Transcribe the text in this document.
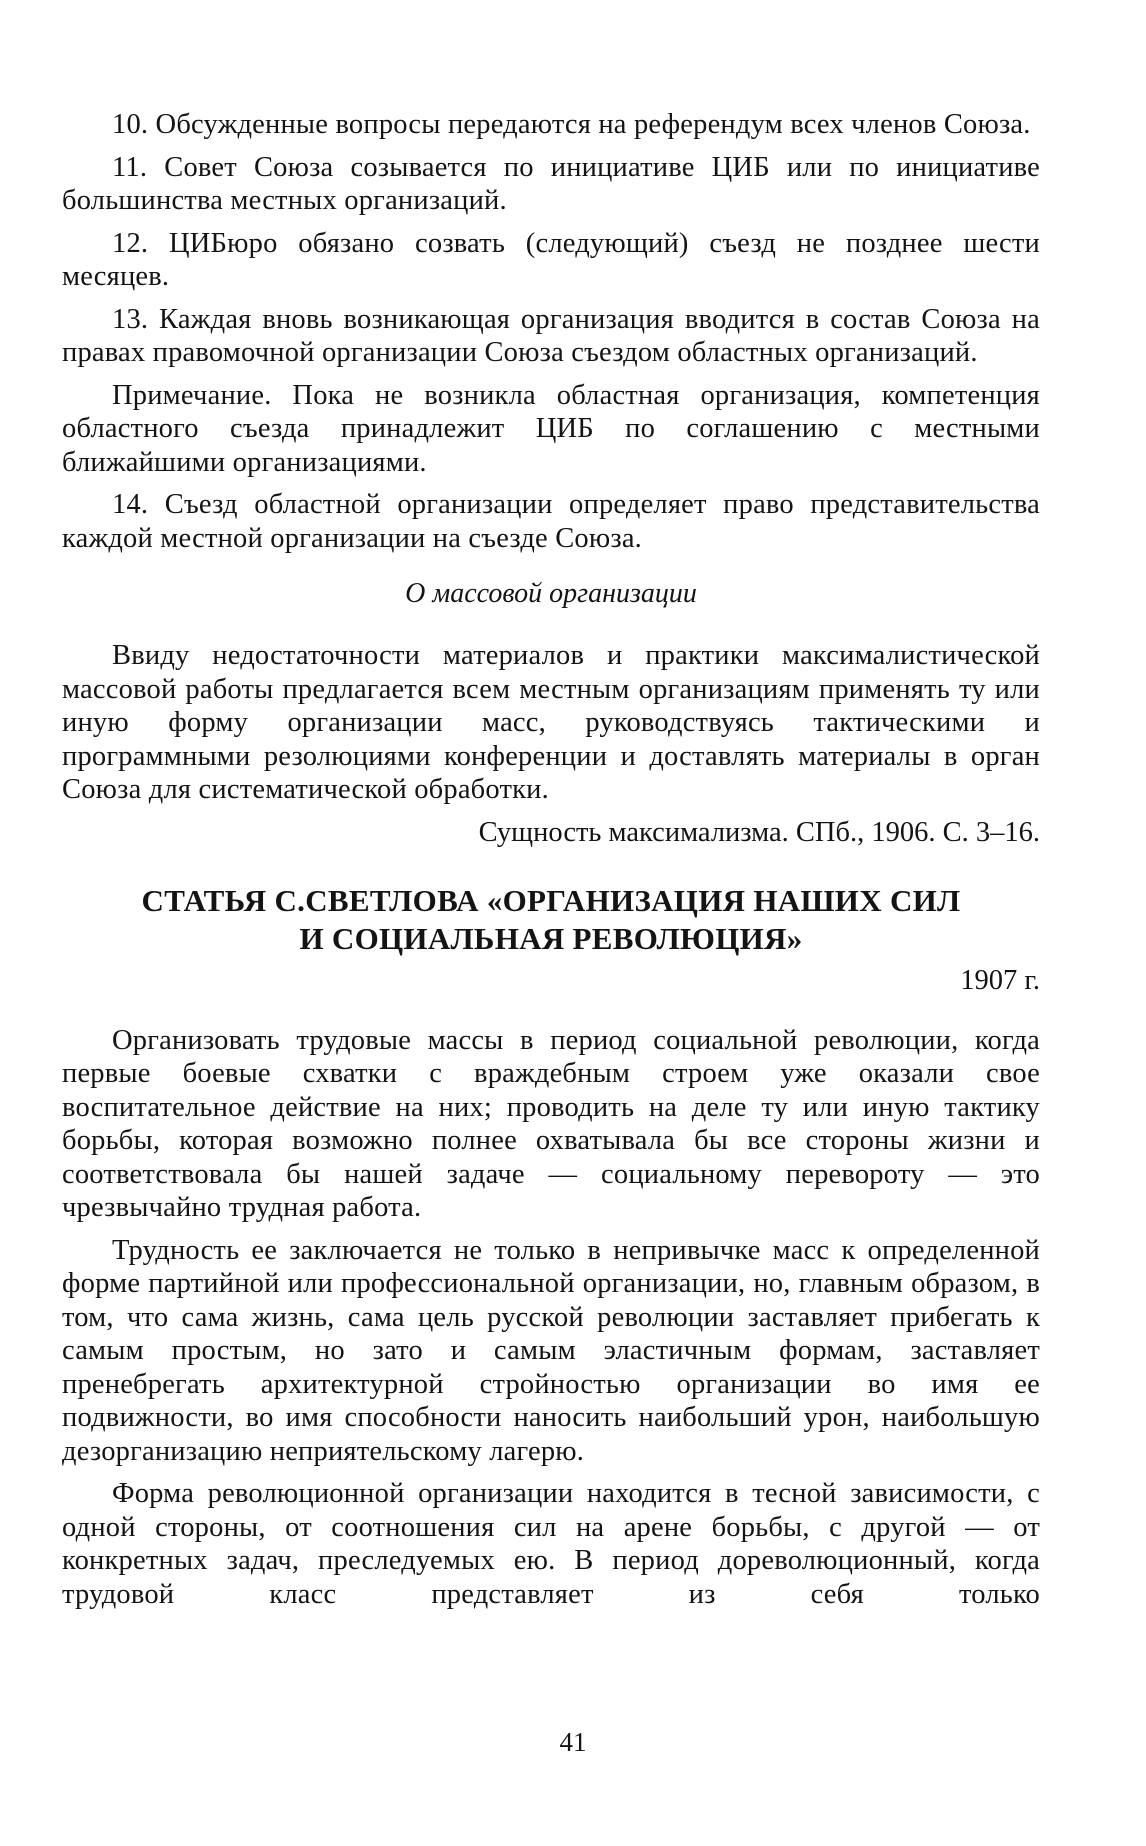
10. Обсужденные вопросы передаются на референдум всех членов Союза.

11. Совет Союза созывается по инициативе ЦИБ или по инициативе большинства местных организаций.

12. ЦИБюро обязано созвать (следующий) съезд не позднее шести месяцев.

13. Каждая вновь возникающая организация вводится в состав Союза на правах правомочной организации Союза съездом областных организаций.

Примечание. Пока не возникла областная организация, компетенция областного съезда принадлежит ЦИБ по соглашению с местными ближайшими организациями.

14. Съезд областной организации определяет право представительства каждой местной организации на съезде Союза.

О массовой организации

Ввиду недостаточности материалов и практики максималистической массовой работы предлагается всем местным организациям применять ту или иную форму организации масс, руководствуясь тактическими и программными резолюциями конференции и доставлять материалы в орган Союза для систематической обработки.

Сущность максимализма. СПб., 1906. С. 3–16.

СТАТЬЯ С.СВЕТЛОВА «ОРГАНИЗАЦИЯ НАШИХ СИЛ

И СОЦИАЛЬНАЯ РЕВОЛЮЦИЯ»

1907 г.

Организовать трудовые массы в период социальной революции, когда первые боевые схватки с враждебным строем уже оказали свое воспитательное действие на них; проводить на деле ту или иную тактику борьбы, которая возможно полнее охватывала бы все стороны жизни и соответствовала бы нашей задаче — социальному перевороту — это чрезвычайно трудная работа.

Трудность ее заключается не только в непривычке масс к определенной форме партийной или профессиональной организации, но, главным образом, в том, что сама жизнь, сама цель русской революции заставляет прибегать к самым простым, но зато и самым эластичным формам, заставляет пренебрегать архитектурной стройностью организации во имя ее подвижности, во имя способности наносить наибольший урон, наибольшую дезорганизацию неприятельскому лагерю.

Форма революционной организации находится в тесной зависимости, с одной стороны, от соотношения сил на арене борьбы, с другой — от конкретных задач, преследуемых ею. В период дореволюционный, когда трудовой класс представляет из себя только

41
